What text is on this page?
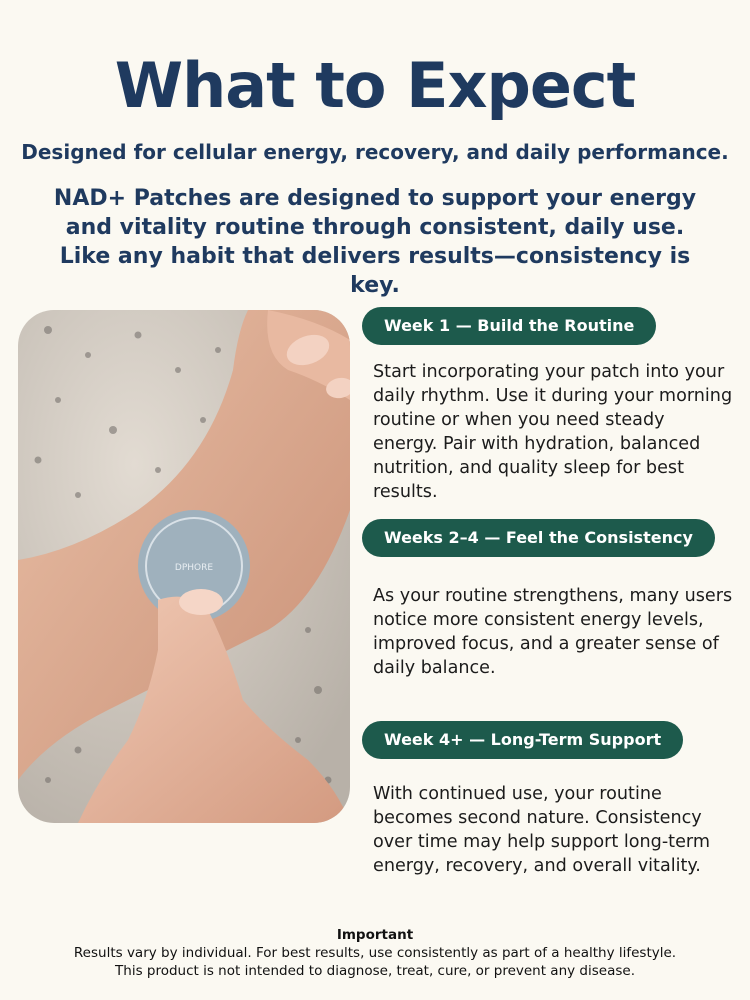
What to Expect

Designed for cellular energy, recovery, and daily performance.

NAD+ Patches are designed to support your energy and vitality routine through consistent, daily use. Like any habit that delivers results—consistency is key.

DPHORE
Week 1 — Build the Routine

Start incorporating your patch into your daily rhythm. Use it during your morning routine or when you need steady energy. Pair with hydration, balanced nutrition, and quality sleep for best results.

Weeks 2–4 — Feel the Consistency

As your routine strengthens, many users notice more consistent energy levels, improved focus, and a greater sense of daily balance.

Week 4+ — Long-Term Support

With continued use, your routine becomes second nature. Consistency over time may help support long-term energy, recovery, and overall vitality.

Important
Results vary by individual. For best results, use consistently as part of a healthy lifestyle.
This product is not intended to diagnose, treat, cure, or prevent any disease.
